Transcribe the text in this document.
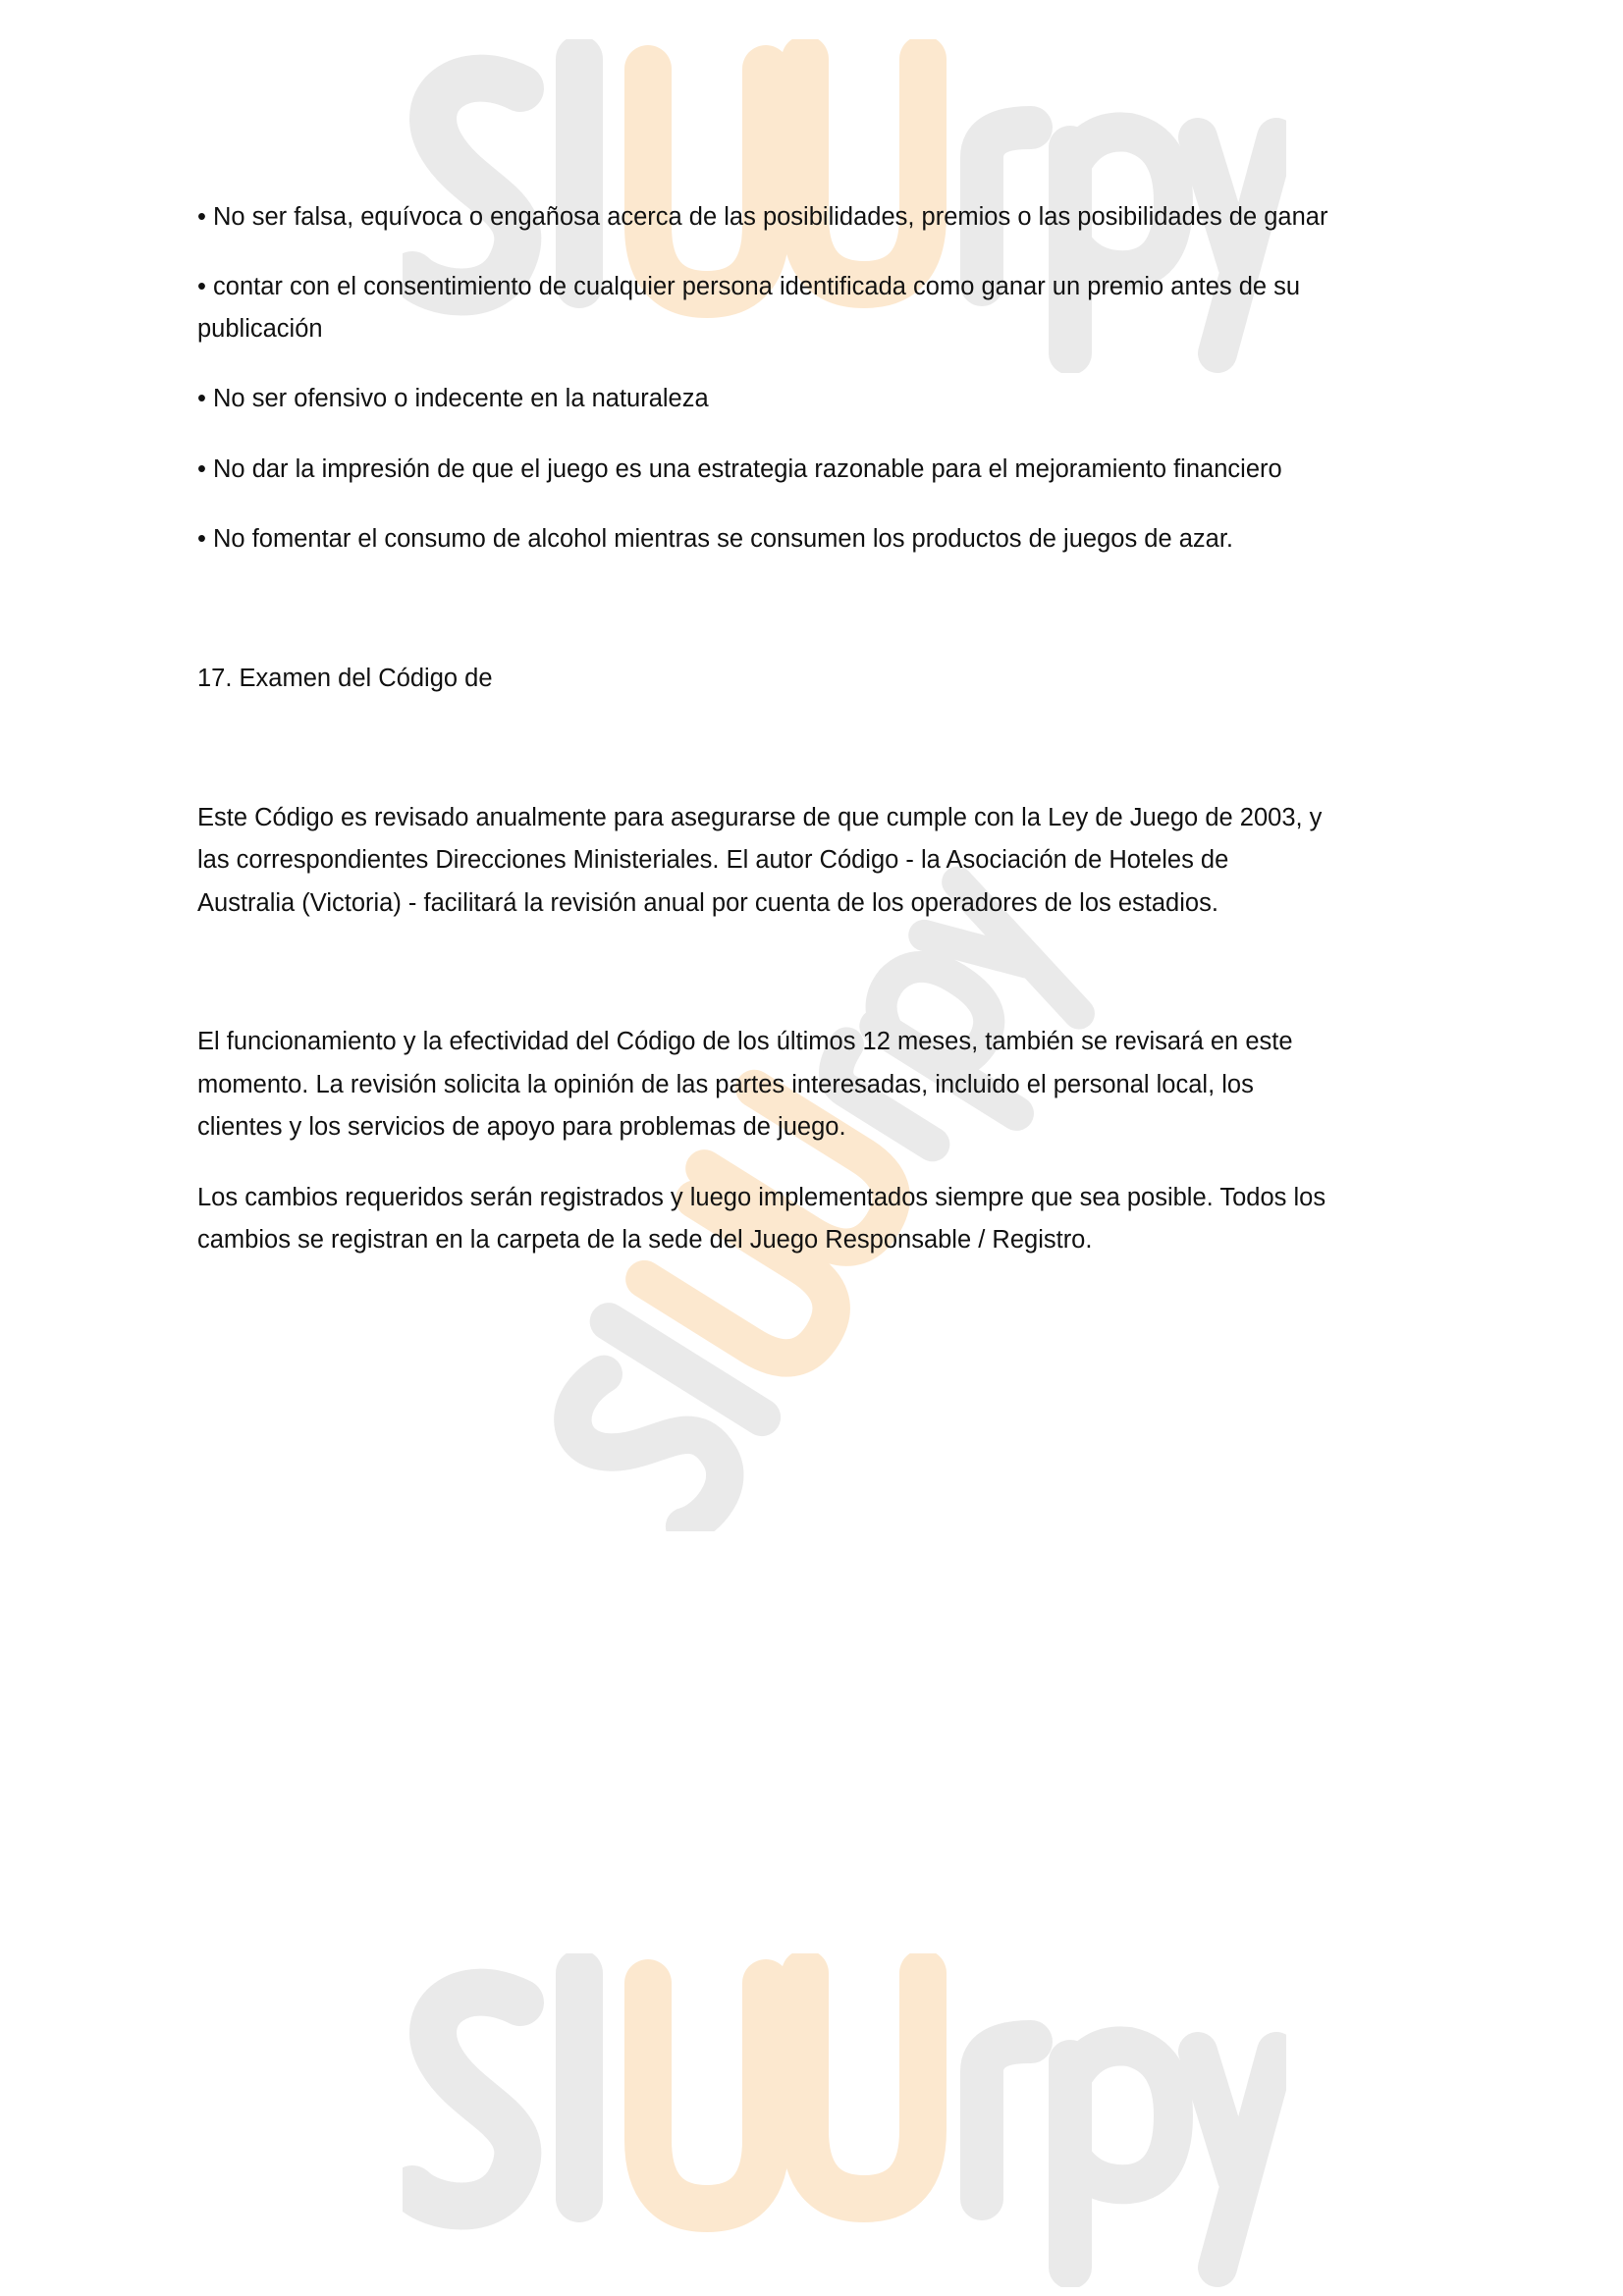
• No ser falsa, equívoca o engañosa acerca de las posibilidades, premios o las posibilidades de ganar
• contar con el consentimiento de cualquier persona identificada como ganar un premio antes de su
publicación
• No ser ofensivo o indecente en la naturaleza
• No dar la impresión de que el juego es una estrategia razonable para el mejoramiento financiero
• No fomentar el consumo de alcohol mientras se consumen los productos de juegos de azar.
17. Examen del Código de
Este Código es revisado anualmente para asegurarse de que cumple con la Ley de Juego de 2003, y
las correspondientes Direcciones Ministeriales. El autor Código - la Asociación de Hoteles de
Australia (Victoria) - facilitará la revisión anual por cuenta de los operadores de los estadios.
El funcionamiento y la efectividad del Código de los últimos 12 meses, también se revisará en este
momento. La revisión solicita la opinión de las partes interesadas, incluido el personal local, los
clientes y los servicios de apoyo para problemas de juego.
Los cambios requeridos serán registrados y luego implementados siempre que sea posible. Todos los
cambios se registran en la carpeta de la sede del Juego Responsable / Registro.
